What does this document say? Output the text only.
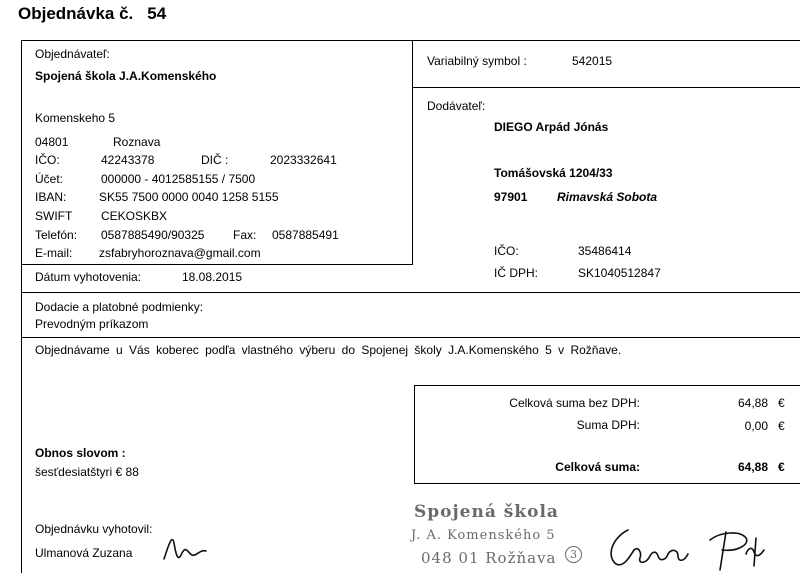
Objednávka č. 54
Objednávateľ:
Spojená škola J.A.Komenského
Komenskeho 5
04801	Roznava
IČO:	42243378	DIČ :	2023332641
Účet:	000000 - 4012585155 / 7500
IBAN:	SK55 7500 0000 0040 1258 5155
SWIFT CEKOSKBX
Telefón: 0587885490/90325 Fax: 0587885491
E-mail: zsfabryhoroznava@gmail.com
Dátum vyhotovenia:	18.08.2015
Variabilný symbol :	542015
Dodávateľ:
DIEGO Arpád Jónás
Tomášovská 1204/33
97901 Rimavská Sobota
IČO:	35486414
IČ DPH:	SK1040512847
Dodacie a platobné podmienky:
Prevodným príkazom
Objednávame u Vás koberec podľa vlastného výberu do Spojenej školy J.A.Komenského 5 v Rožňave.
Celková suma bez DPH:	64,88 €
Suma DPH:	0,00 €
Celková suma:	64,88 €
Obnos slovom :
šesťdesiatštyri € 88
Objednávku vyhotovil:
Ulmanová Zuzana
Spojená škola
J. A. Komenského 5
048 01 Rožňava	3
